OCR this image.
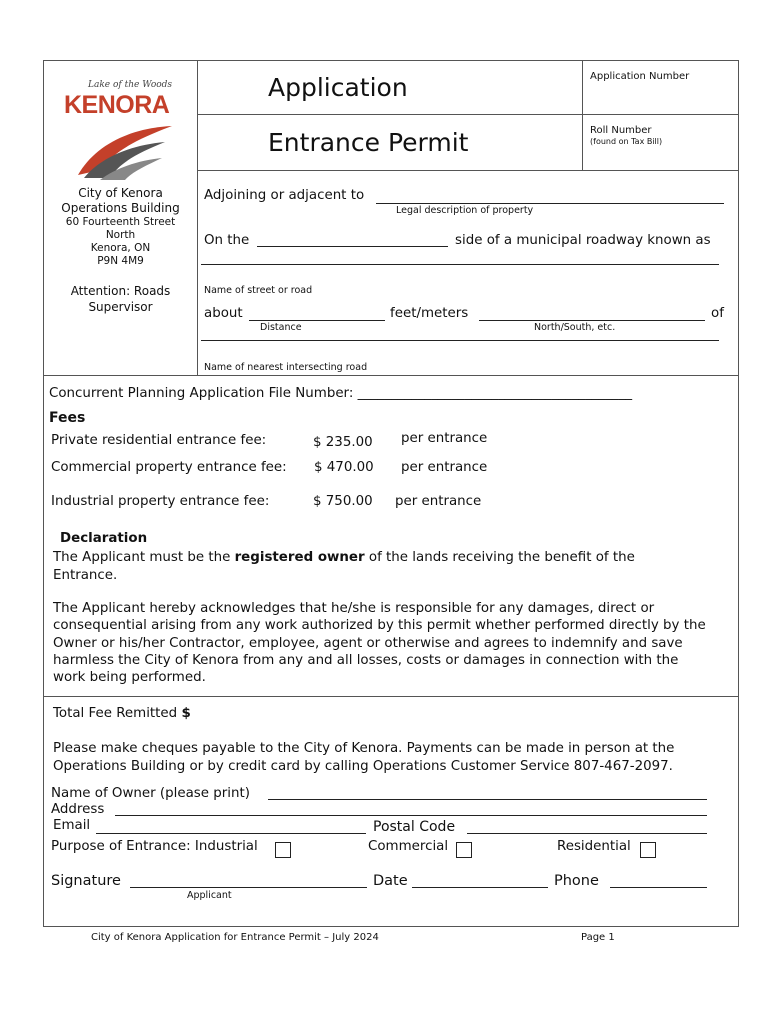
Lake of the Woods
KENORA
Application
Entrance Permit
Application Number
Roll Number
(found on Tax Bill)
City of Kenora
Operations Building
60 Fourteenth Street
North
Kenora, ON
P9N 4M9
Attention: Roads
Supervisor
Adjoining or adjacent to
Legal description of property
On the	side of a municipal roadway known as
Name of street or road
about	feet/meters	of
Distance	North/South, etc.
Name of nearest intersecting road
Concurrent Planning Application File Number: _________________________________________
Fees
Private residential entrance fee:	$ 235.00 per entrance
Commercial property entrance fee: $ 470.00 per entrance
Industrial property entrance fee:	$ 750.00 per entrance
Declaration
The Applicant must be the registered owner of the lands receiving the benefit of the
Entrance.
The Applicant hereby acknowledges that he/she is responsible for any damages, direct or
consequential arising from any work authorized by this permit whether performed directly by the
Owner or his/her Contractor, employee, agent or otherwise and agrees to indemnify and save
harmless the City of Kenora from any and all losses, costs or damages in connection with the
work being performed.
Total Fee Remitted $
Please make cheques payable to the City of Kenora. Payments can be made in person at the
Operations Building or by credit card by calling Operations Customer Service 807-467-2097.
Name of Owner (please print)
Address
Email	Postal Code
Purpose of Entrance: Industrial	Commercial	Residential
Signature
Applicant
Date	Phone
City of Kenora Application for Entrance Permit – July 2024	Page 1
